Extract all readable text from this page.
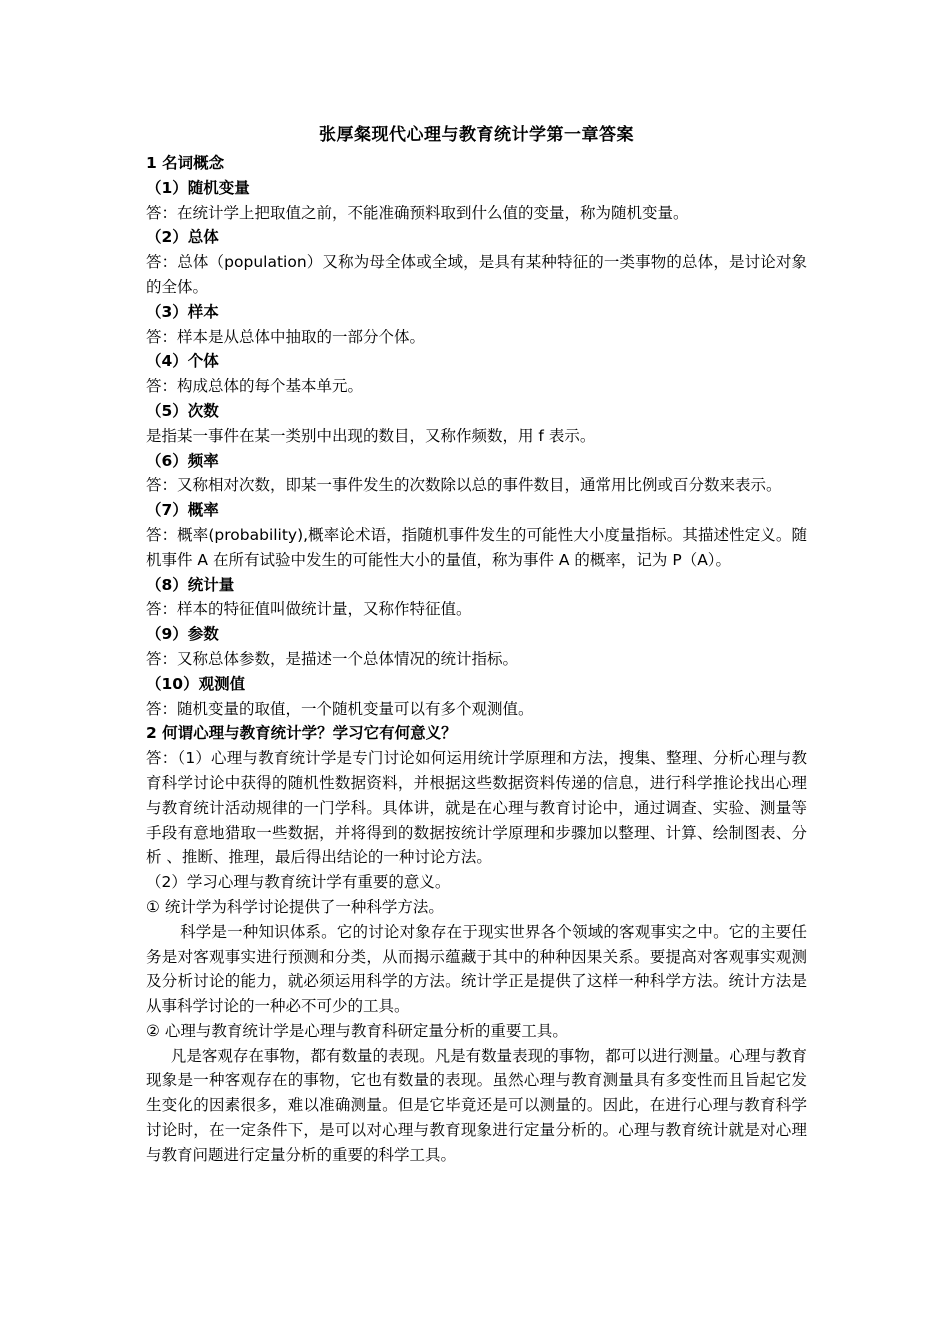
张厚粲现代心理与教育统计学第一章答案
1 名词概念
（1）随机变量

答：在统计学上把取值之前，不能准确预料取到什么值的变量，称为随机变量。

（2）总体

答：总体（population）又称为母全体或全域，是具有某种特征的一类事物的总体，是讨论对象的全体。

（3）样本

答：样本是从总体中抽取的一部分个体。

（4）个体

答：构成总体的每个基本单元。

（5）次数

是指某一事件在某一类别中出现的数目，又称作频数，用 f 表示。

（6）频率

答：又称相对次数，即某一事件发生的次数除以总的事件数目，通常用比例或百分数来表示。

（7）概率

答：概率(probability),概率论术语，指随机事件发生的可能性大小度量指标。其描述性定义。随机事件 A 在所有试验中发生的可能性大小的量值，称为事件 A 的概率，记为 P（A）。

（8）统计量

答：样本的特征值叫做统计量，又称作特征值。

（9）参数

答：又称总体参数，是描述一个总体情况的统计指标。

（10）观测值

答：随机变量的取值，一个随机变量可以有多个观测值。

2 何谓心理与教育统计学？学习它有何意义？

答：（1）心理与教育统计学是专门讨论如何运用统计学原理和方法，搜集、整理、分析心理与教育科学讨论中获得的随机性数据资料，并根据这些数据资料传递的信息，进行科学推论找出心理与教育统计活动规律的一门学科。具体讲，就是在心理与教育讨论中，通过调查、实验、测量等手段有意地猎取一些数据，并将得到的数据按统计学原理和步骤加以整理、计算、绘制图表、分析 、推断、推理，最后得出结论的一种讨论方法。

（2）学习心理与教育统计学有重要的意义。

① 统计学为科学讨论提供了一种科学方法。

科学是一种知识体系。它的讨论对象存在于现实世界各个领域的客观事实之中。它的主要任务是对客观事实进行预测和分类，从而揭示蕴藏于其中的种种因果关系。要提高对客观事实观测及分析讨论的能力，就必须运用科学的方法。统计学正是提供了这样一种科学方法。统计方法是从事科学讨论的一种必不可少的工具。

② 心理与教育统计学是心理与教育科研定量分析的重要工具。

凡是客观存在事物，都有数量的表现。凡是有数量表现的事物，都可以进行测量。心理与教育现象是一种客观存在的事物，它也有数量的表现。虽然心理与教育测量具有多变性而且旨起它发生变化的因素很多，难以准确测量。但是它毕竟还是可以测量的。因此，在进行心理与教育科学讨论时，在一定条件下，是可以对心理与教育现象进行定量分析的。心理与教育统计就是对心理与教育问题进行定量分析的重要的科学工具。
